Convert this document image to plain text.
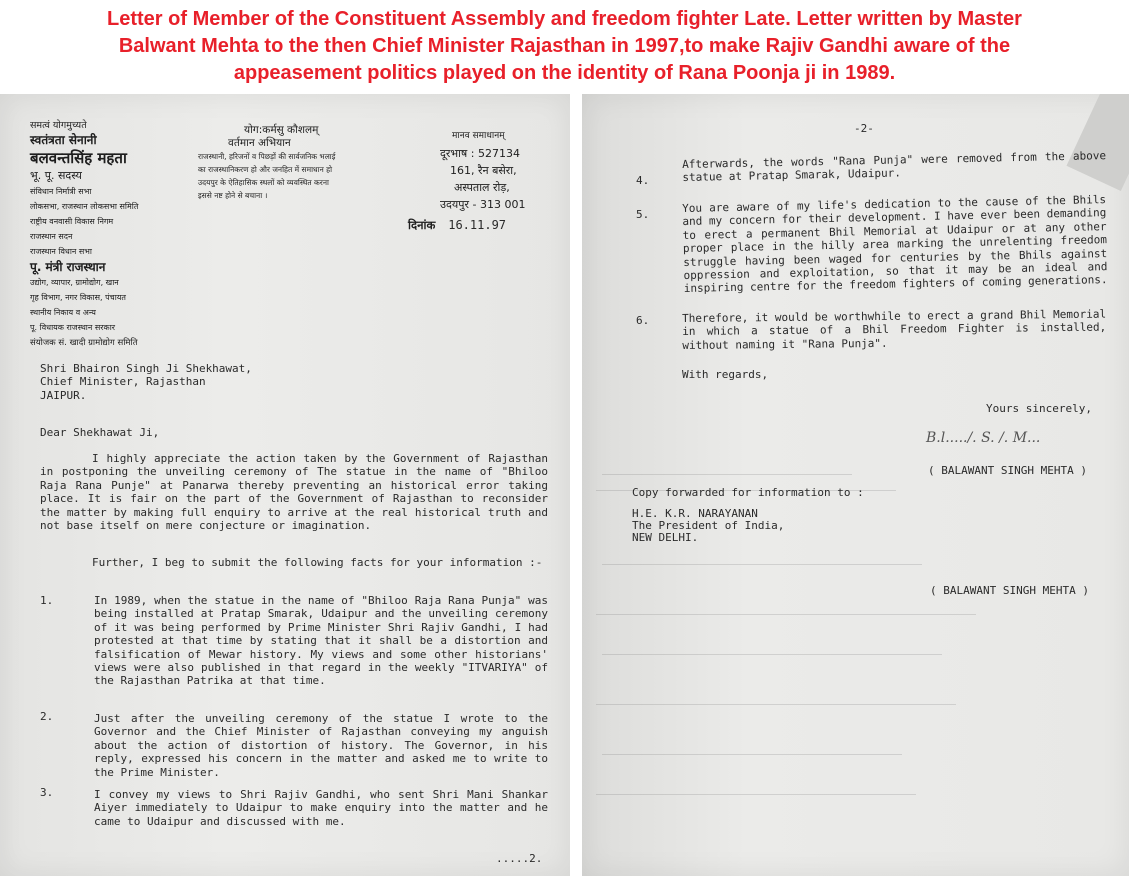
Letter of Member of the Constituent Assembly and freedom fighter Late. Letter written by Master
Balwant Mehta to the then Chief Minister Rajasthan in 1997,to make Rajiv Gandhi aware of the
appeasement politics played on the identity of Rana Poonja ji in 1989.
समत्वं योगमुच्यते
स्वतंत्रता सेनानी
बलवन्तसिंह महता
भू. पू. सदस्य
संविधान निर्मात्री सभा
लोकसभा, राजस्थान लोकसभा समिति
राष्ट्रीय वनवासी विकास निगम
राजस्थान सदन
राजस्थान विधान सभा
पू. मंत्री राजस्थान
उद्योग, व्यापार, ग्रामोद्योग, खान
गृह विभाग, नगर विकास, पंचायत
स्थानीय निकाय व अन्य
पू. विधायक राजस्थान सरकार
संयोजक सं. खादी ग्रामोद्योग समिति
योग:कर्मसु कौशलम्
वर्तमान अभियान
राजस्थानी, हरिजनों व पिछड़ों की सार्वजनिक भलाई
का राजस्थानिकरण हो और जनहित में समाधान हो
उदयपुर के ऐतिहासिक स्थलों को व्यवस्थित करना
इससे नष्ट होने से बचाना ।
मानव समाधानम्
दूरभाष : 527134
161, रैन बसेरा,
अस्पताल रोड़,
उदयपुर - 313 001
दिनांक 16.11.97
Shri Bhairon Singh Ji Shekhawat,
Chief Minister, Rajasthan
JAIPUR.
Dear Shekhawat Ji,
I highly appreciate the action taken by the Government of Rajasthan in postponing the unveiling ceremony of The statue in the name of "Bhiloo Raja Rana Punje" at Panarwa thereby preventing an historical error taking place. It is fair on the part of the Government of Rajasthan to reconsider the matter by making full enquiry to arrive at the real historical truth and not base itself on mere conjecture or imagination.
Further, I beg to submit the following facts for your information :-
1.	In 1989, when the statue in the name of "Bhiloo Raja Rana Punja" was being installed at Pratap Smarak, Udaipur and the unveiling ceremony of it was being performed by Prime Minister Shri Rajiv Gandhi, I had protested at that time by stating that it shall be a distortion and falsification of Mewar history. My views and some other historians' views were also published in that regard in the weekly "ITVARIYA" of the Rajasthan Patrika at that time.
2.	Just after the unveiling ceremony of the statue I wrote to the Governor and the Chief Minister of Rajasthan conveying my anguish about the action of distortion of history. The Governor, in his reply, expressed his concern in the matter and asked me to write to the Prime Minister.
3.	I convey my views to Shri Rajiv Gandhi, who sent Shri Mani Shankar Aiyer immediately to Udaipur to make enquiry into the matter and he came to Udaipur and discussed with me.
.....2.
-2-
4.
Afterwards, the words "Rana Punja" were removed from the above statue at Pratap Smarak, Udaipur.
5.	You are aware of my life's dedication to the cause of the Bhils and my concern for their development. I have ever been demanding to erect a permanent Bhil Memorial at Udaipur or at any other proper place in the hilly area marking the unrelenting freedom struggle having been waged for centuries by the Bhils against oppression and exploitation, so that it may be an ideal and inspiring centre for the freedom fighters of coming generations.
6.	Therefore, it would be worthwhile to erect a grand Bhil Memorial in which a statue of a Bhil Freedom Fighter is installed, without naming it "Rana Punja".
With regards,
Yours sincerely,
B.l...../. S. /. M...
( BALAWANT SINGH MEHTA )
Copy forwarded for information to :
H.E. K.R. NARAYANAN
The President of India,
NEW DELHI.
( BALAWANT SINGH MEHTA )
